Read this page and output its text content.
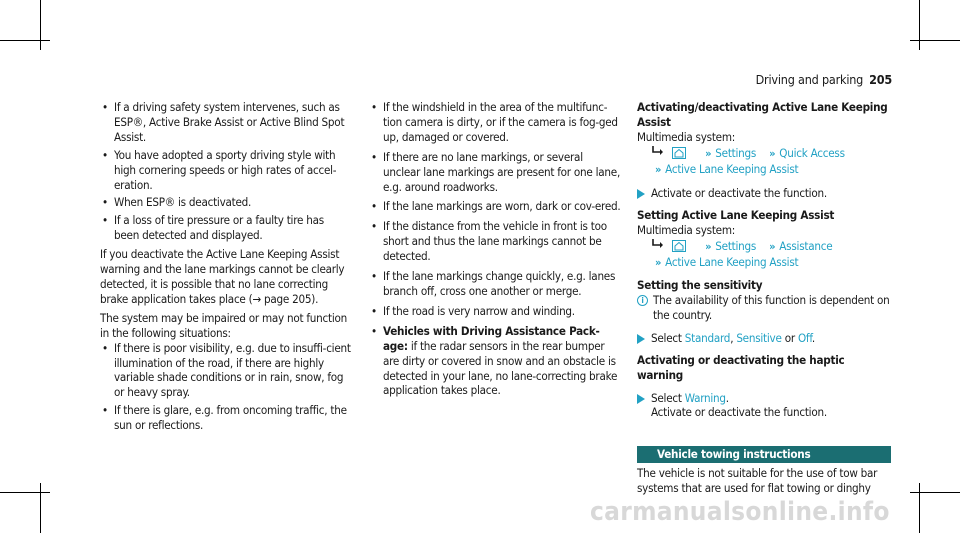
Driving and parking 205
• If a driving safety system intervenes, such as ESP®, Active Brake Assist or Active Blind Spot Assist.
• You have adopted a sporty driving style with high cornering speeds or high rates of accel-eration.
• When ESP® is deactivated.
• If a loss of tire pressure or a faulty tire has been detected and displayed.

If you deactivate the Active Lane Keeping Assist warning and the lane markings cannot be clearly detected, it is possible that no lane correcting brake application takes place (→ page 205).

The system may be impaired or may not function in the following situations:

• If there is poor visibility, e.g. due to insuffi-cient illumination of the road, if there are highly variable shade conditions or in rain, snow, fog or heavy spray.
• If there is glare, e.g. from oncoming traffic, the sun or reflections.
• If the windshield in the area of the multifunc-tion camera is dirty, or if the camera is fog-ged up, damaged or covered.
• If there are no lane markings, or several unclear lane markings are present for one lane, e.g. around roadworks.
• If the lane markings are worn, dark or cov-ered.
• If the distance from the vehicle in front is too short and thus the lane markings cannot be detected.
• If the lane markings change quickly, e.g. lanes branch off, cross one another or merge.
• If the road is very narrow and winding.
• Vehicles with Driving Assistance Pack-age: if the radar sensors in the rear bumper are dirty or covered in snow and an obstacle is detected in your lane, no lane-correcting brake application takes place.

Activating/deactivating Active Lane Keeping Assist

Multimedia system:

» Settings » Quick Access

» Active Lane Keeping Assist

Activate or deactivate the function.

Setting Active Lane Keeping Assist

Multimedia system:

» Settings » Assistance

» Active Lane Keeping Assist

Setting the sensitivity

i The availability of this function is dependent on the country.

Select Standard, Sensitive or Off.

Activating or deactivating the haptic warning

Select Warning.

Activate or deactivate the function.

Vehicle towing instructions

The vehicle is not suitable for the use of tow bar systems that are used for flat towing or dinghy

carmanualsonline.info
